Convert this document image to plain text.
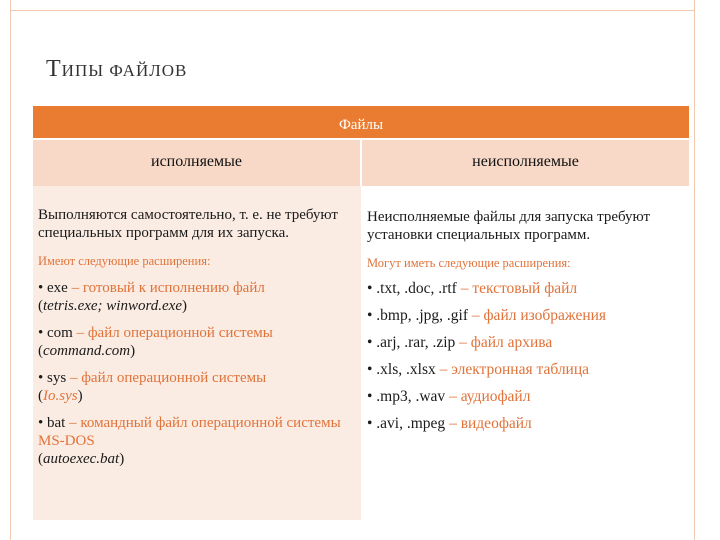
ТИПЫ ФАЙЛОВ
Файлы
исполняемые	неисполняемые

Выполняются самостоятельно, т. е. не требуют специальных программ для их запуска.

Имеют следующие расширения:
• exe – готовый к исполнению файл
(tetris.exe; winword.exe)
• com – файл операционной системы
(command.com)
• sys – файл операционной системы
(Io.sys)
• bat – командный файл операционной системы MS-DOS
(autoexec.bat)

Неисполняемые файлы для запуска требуют установки специальных программ.

Могут иметь следующие расширения:
• .txt, .doc, .rtf – текстовый файл
• .bmp, .jpg, .gif – файл изображения
• .arj, .rar, .zip – файл архива
• .xls, .xlsx – электронная таблица
• .mp3, .wav – аудиофайл
• .avi, .mpeg – видеофайл
